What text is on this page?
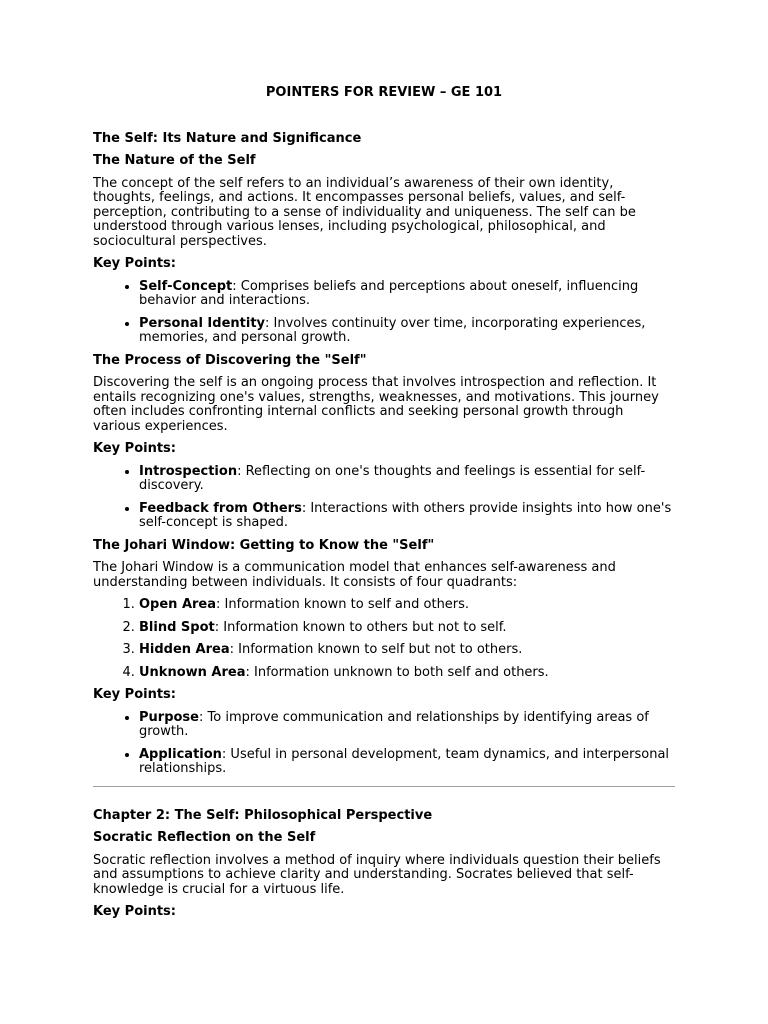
POINTERS FOR REVIEW – GE 101
The Self: Its Nature and Significance
The Nature of the Self
The concept of the self refers to an individual’s awareness of their own identity, thoughts, feelings, and actions. It encompasses personal beliefs, values, and self-perception, contributing to a sense of individuality and uniqueness. The self can be understood through various lenses, including psychological, philosophical, and sociocultural perspectives.
Key Points:
• Self-Concept: Comprises beliefs and perceptions about oneself, influencing behavior and interactions.
• Personal Identity: Involves continuity over time, incorporating experiences, memories, and personal growth.
The Process of Discovering the "Self"
Discovering the self is an ongoing process that involves introspection and reflection. It entails recognizing one's values, strengths, weaknesses, and motivations. This journey often includes confronting internal conflicts and seeking personal growth through various experiences.
Key Points:
• Introspection: Reflecting on one's thoughts and feelings is essential for self-discovery.
• Feedback from Others: Interactions with others provide insights into how one's self-concept is shaped.
The Johari Window: Getting to Know the "Self"
The Johari Window is a communication model that enhances self-awareness and understanding between individuals. It consists of four quadrants:
1. Open Area: Information known to self and others.
2. Blind Spot: Information known to others but not to self.
3. Hidden Area: Information known to self but not to others.
4. Unknown Area: Information unknown to both self and others.
Key Points:
• Purpose: To improve communication and relationships by identifying areas of growth.
• Application: Useful in personal development, team dynamics, and interpersonal relationships.
Chapter 2: The Self: Philosophical Perspective
Socratic Reflection on the Self
Socratic reflection involves a method of inquiry where individuals question their beliefs and assumptions to achieve clarity and understanding. Socrates believed that self-knowledge is crucial for a virtuous life.
Key Points:
